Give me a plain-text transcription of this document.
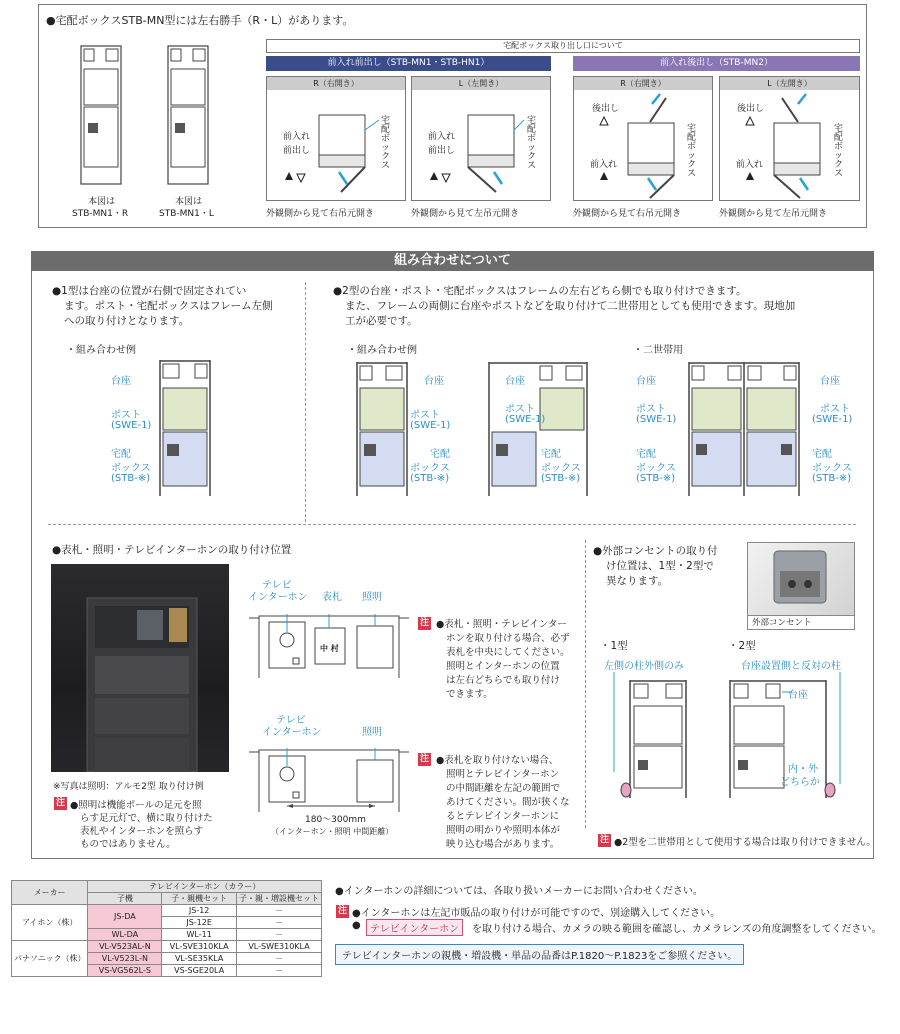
●宅配ボックスSTB-MN型には左右勝手（R・L）があります。
本図は
STB-MN1・R
本図は
STB-MN1・L
宅配ボックス取り出し口について
前入れ前出し（STB-MN1・STB-HN1）	前入れ後出し（STB-MN2）
R（右開き）
前入れ
前出し
宅配ボックス
L（左開き）
前入れ
前出し
宅配ボックス
R（右開き）
後出し
前入れ
宅配ボックス
L（左開き）
後出し
前入れ
宅配ボックス
外観側から見て右吊元開き	外観側から見て左吊元開き	外観側から見て右吊元開き	外観側から見て左吊元開き
組み合わせについて
●1型は台座の位置が右側で固定されてい
ます。ポスト・宅配ボックスはフレーム左側
への取り付けとなります。
●2型の台座・ポスト・宅配ボックスはフレームの左右どちら側でも取り付けできます。
また、フレームの両側に台座やポストなどを取り付けて二世帯用としても使用できます。現地加
工が必要です。
・組み合わせ例	・組み合わせ例	・二世帯用
台座
ポスト
(SWE-1)
宅配
ボックス
(STB-※)
台座
ポスト
(SWE-1)
宅配
ボックス
(STB-※)
台座
ポスト
(SWE-1)
宅配
ボックス
(STB-※)
台座
ポスト
(SWE-1)
宅配
ボックス
(STB-※)
台座
ポスト
(SWE-1)
宅配
ボックス
(STB-※)
●表札・照明・テレビインターホンの取り付け位置
※写真は照明：アルモ2型 取り付け例
注 ●照明は機能ポールの足元を照
らす足元灯で、横に取り付けた
表札やインターホンを照らす
ものではありません。
テレビ
インターホン 表札 照明
中 村
注 ●表札・照明・テレビインター
ホンを取り付ける場合、必ず
表札を中央にしてください。
照明とインターホンの位置
は左右どちらでも取り付け
できます。
テレビ
インターホン	照明
180～300mm
（インターホン・照明 中間距離）
注 ●表札を取り付けない場合、
照明とテレビインターホン
の中間距離を左記の範囲で
あけてください。間が狭くな
るとテレビインターホンに
照明の明かりや照明本体が
映り込む場合があります。
●外部コンセントの取り付
け位置は、1型・2型で
異なります。
外部コンセント
・1型
左側の柱外側のみ
・2型
台座設置側と反対の柱
台座
内・外
どちらか
注 ●2型を二世帯用として使用する場合は取り付けできません。
メーカー	テレビインターホン（カラー）		
	子機	子・親機セット	子・親・増設機セット
アイホン（株）	JS-DA	JS-12	－
		JS-12E	－
	WL-DA	WL-11	－
パナソニック（株）	VL-V523AL-N	VL-SVE310KLA	VL-SWE310KLA
	VL-V523L-N	VL-SE35KLA	－
	VS-VG562L-S	VS-SGE20LA	－
●インターホンの詳細については、各取り扱いメーカーにお問い合わせください。
注 ●インターホンは左記市販品の取り付けが可能ですので、別途購入してください。
● テレビインターホン	を取り付ける場合、カメラの映る範囲を確認し、カメラレンズの角度調整をしてください。
テレビインターホンの親機・増設機・単品の品番はP.1820～P.1823をご参照ください。
